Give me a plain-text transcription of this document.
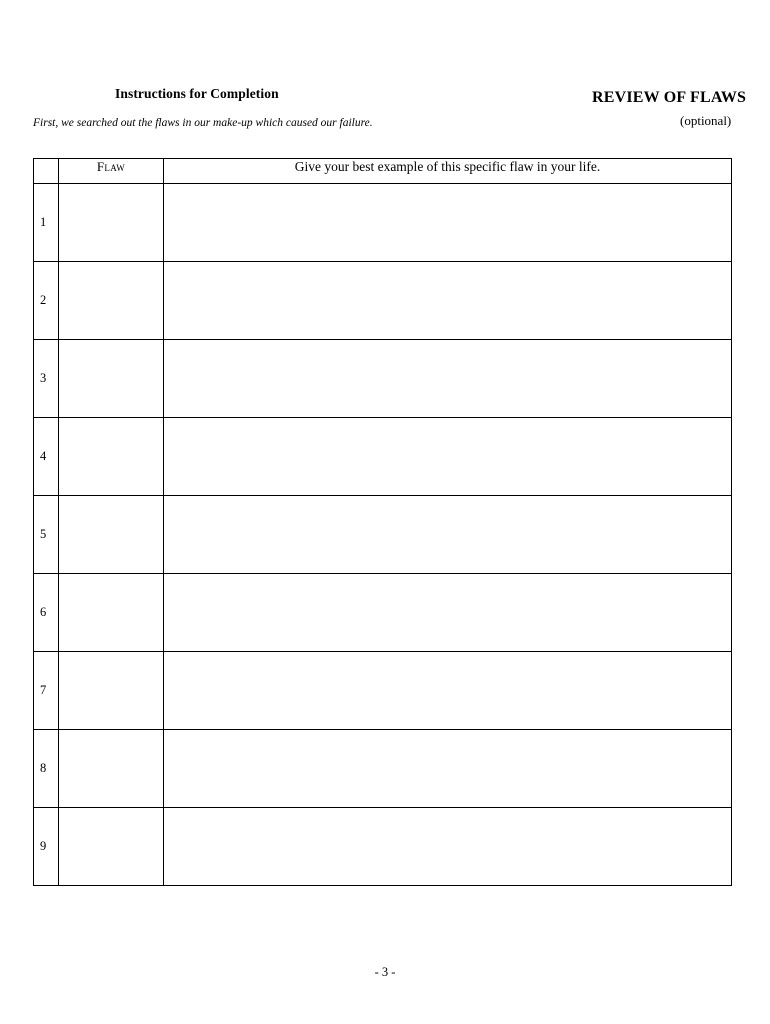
Instructions for Completion	REVIEW OF FLAWS
(optional)
First, we searched out the flaws in our make-up which caused our failure.
	Flaw	Give your best example of this specific flaw in your life.
1	

2	

3	

4	

5	

6	

7	

8	

9	

- 3 -
